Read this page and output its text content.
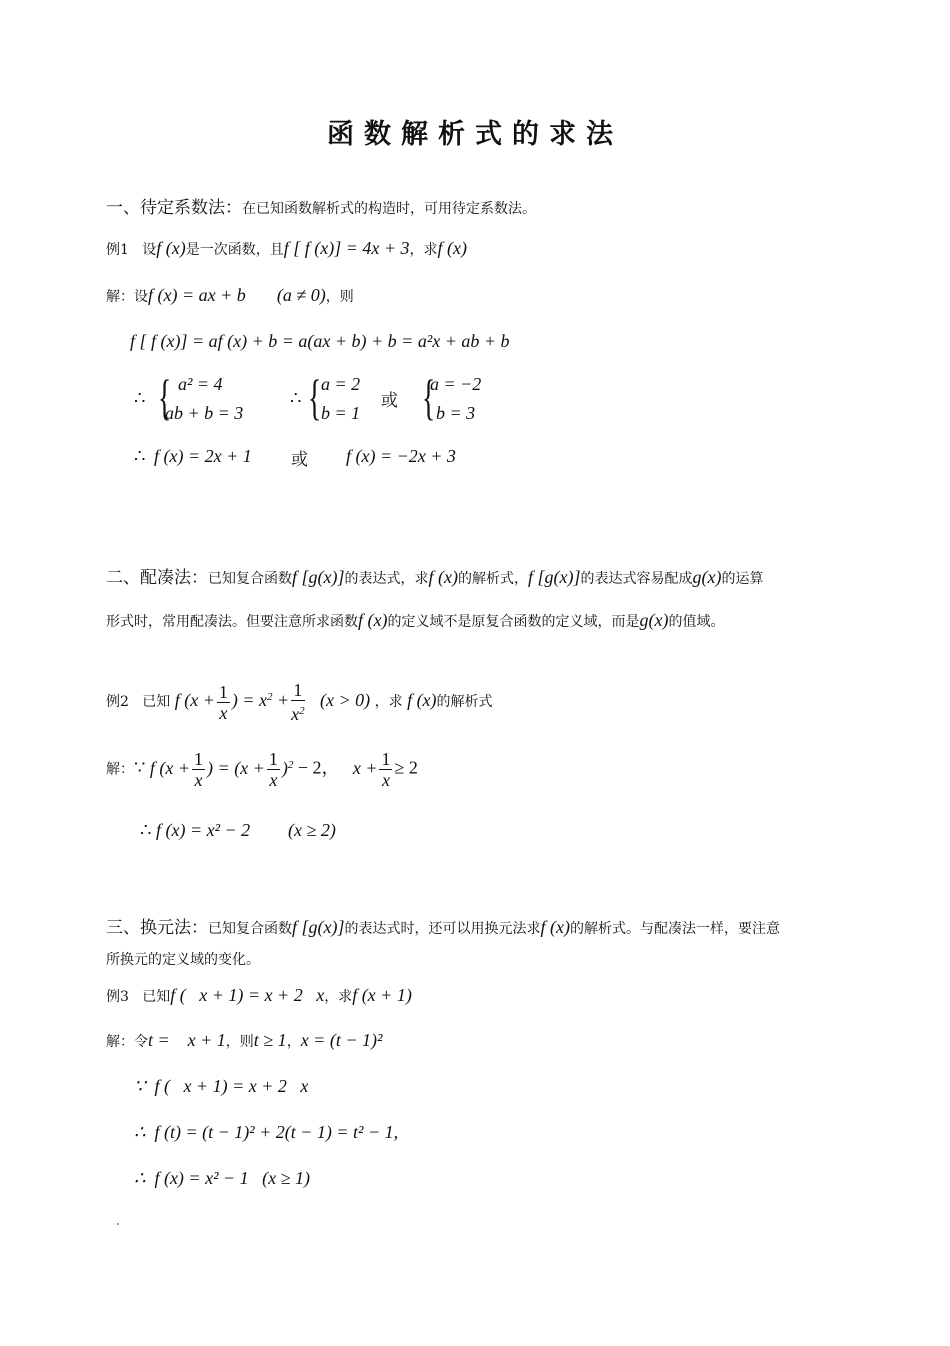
函数解析式的求法
一、待定系数法：在已知函数解析式的构造时，可用待定系数法。
例1 设f (x)是一次函数，且f [ f (x)] = 4x + 3，求f (x)
解：设f (x) = ax + b (a ≠ 0)，则
f [ f (x)] = af (x) + b = a(ax + b) + b = a²x + ab + b
∴ { a² = 4
ab + b = 3
∴ { a = 2
b = 1
或 {
a = −2
b = 3
∴ f (x) = 2x + 1 或 f (x) = −2x + 3
二、配凑法：已知复合函数f [g(x)]的表达式，求f (x)的解析式，f [g(x)]的表达式容易配成g(x)的运算
形式时，常用配凑法。但要注意所求函数f (x)的定义域不是原复合函数的定义域，而是g(x)的值域。
例2 已知 f ($x + \frac{1}{x}$ ) = $x^2 + \frac{1}{x^2} (x > 0)$ ，求 f (x)的解析式
解：∵ f ($x + \frac{1}{x}$ ) = $(x + \frac{1}{x} )^2 - 2$， $x + \frac{1}{x} \ge 2$
∴ f (x) = x² − 2 (x ≥ 2)
三、换元法：已知复合函数f [g(x)]的表达式时，还可以用换元法求f (x)的解析式。与配凑法一样，要注意
所换元的定义域的变化。
例3 已知f (   x + 1) = x + 2   x，求f (x + 1)
解：令t =    x + 1，则t ≥ 1，x = (t − 1)²
∵  f (   x + 1) = x + 2   x
∴  f (t) = (t − 1)² + 2(t − 1) = t² − 1,
∴  f (x) = x² − 1   (x ≥ 1)
